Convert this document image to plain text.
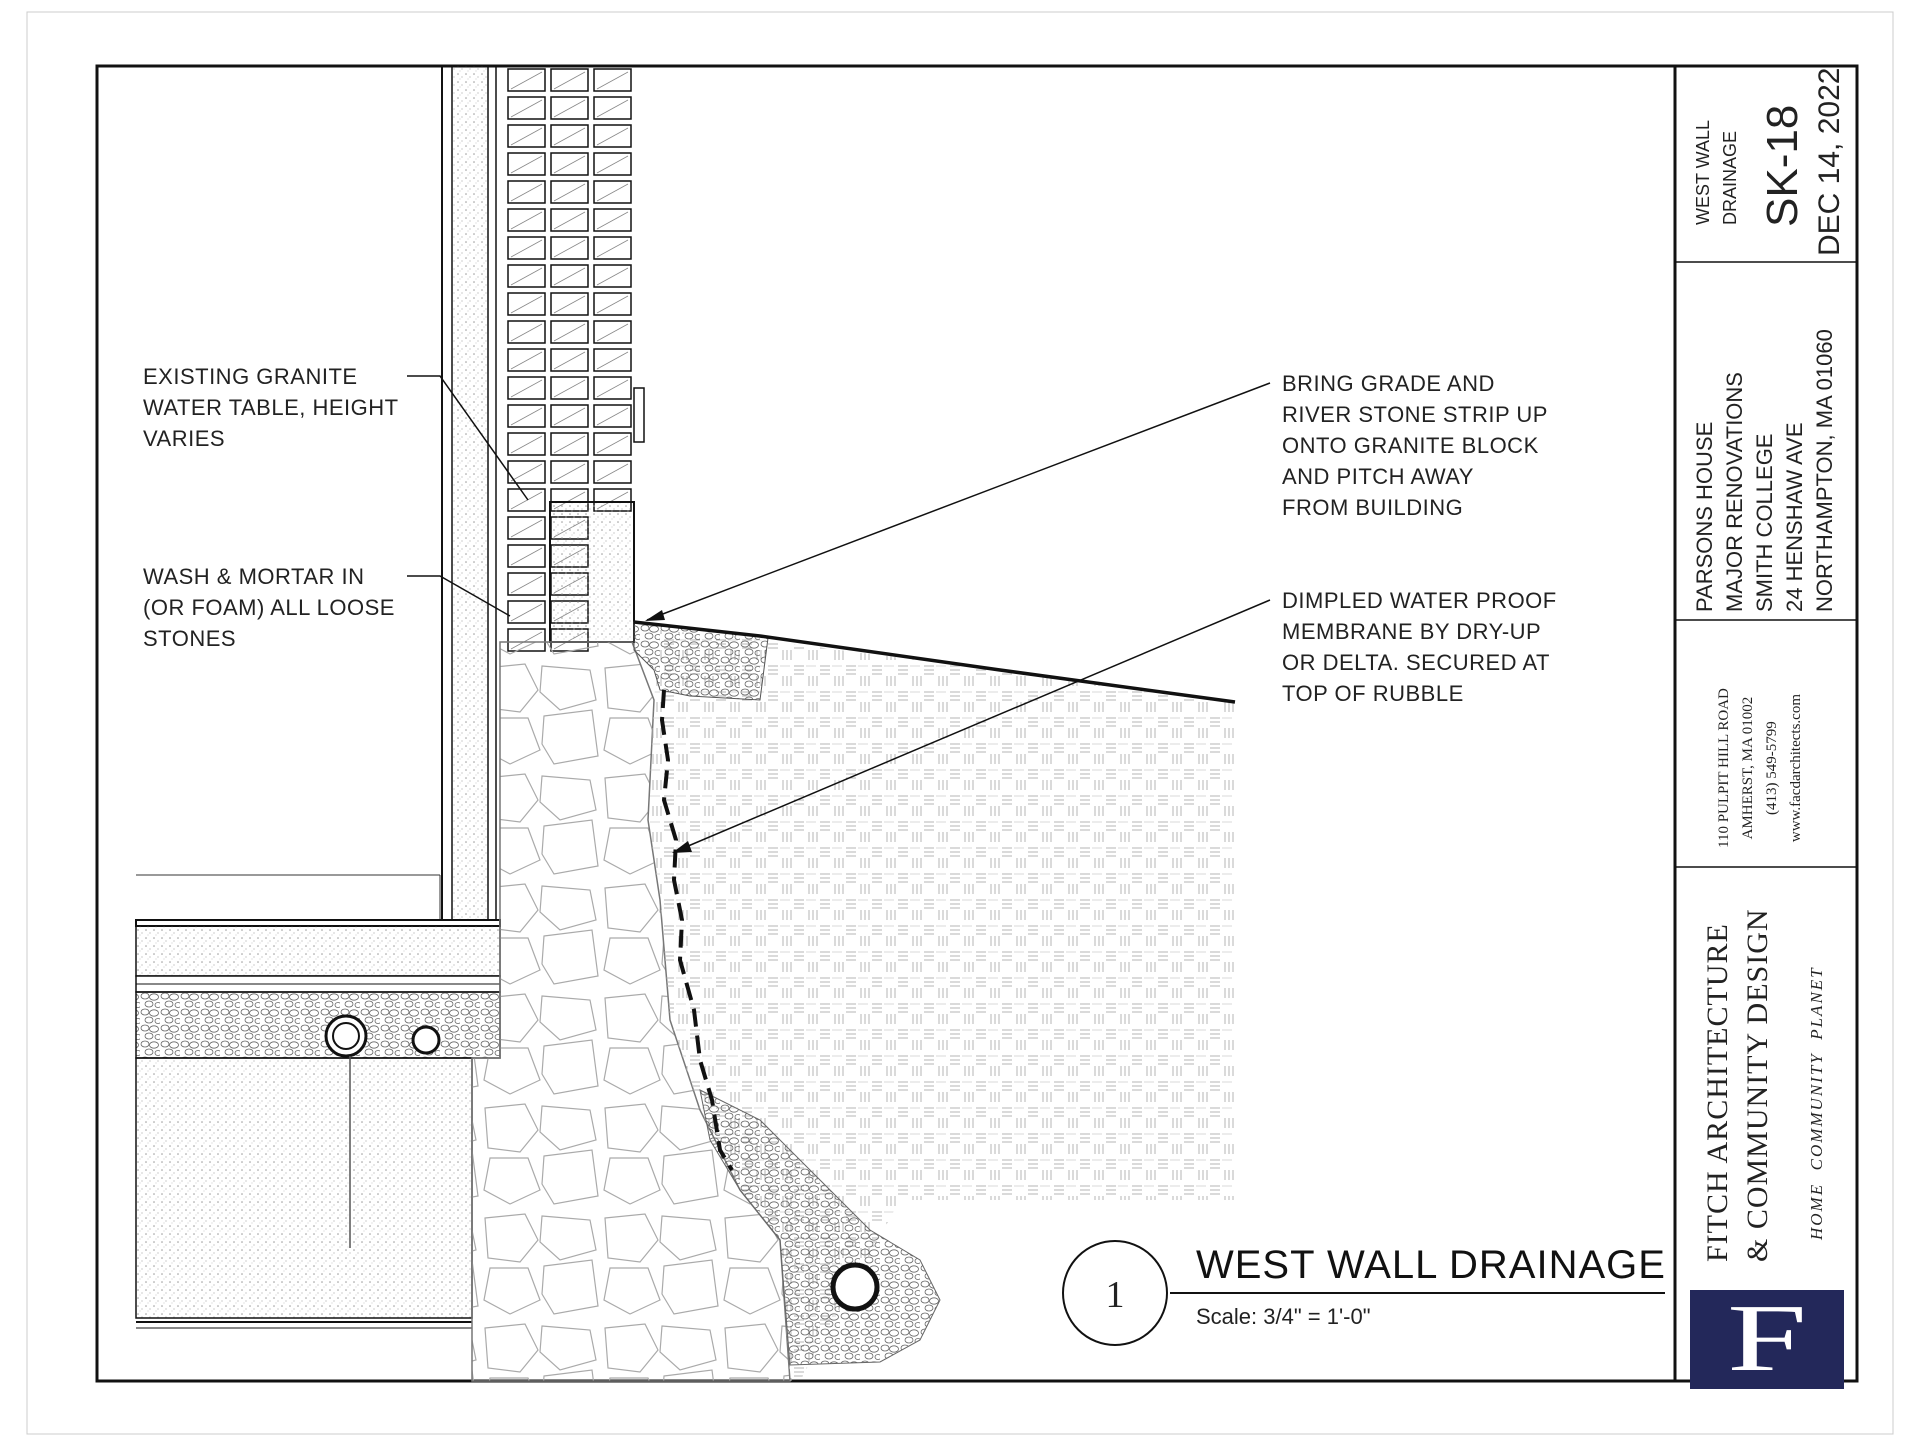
1
WEST WALL DRAINAGE
Scale: 3/4" = 1'-0"
EXISTING GRANITE
WATER TABLE, HEIGHT
VARIES
WASH & MORTAR IN
(OR FOAM) ALL LOOSE
STONES
BRING GRADE AND
RIVER STONE STRIP UP
ONTO GRANITE BLOCK
AND PITCH AWAY
FROM BUILDING
DIMPLED WATER PROOF
MEMBRANE BY DRY-UP
OR DELTA. SECURED AT
TOP OF RUBBLE
WEST WALL DRAINAGE SK-18 DEC 14, 2022
PARSONS HOUSE MAJOR RENOVATIONS SMITH COLLEGE 24 HENSHAW AVE NORTHAMPTON, MA 01060
110 PULPIT HILL ROAD AMHERST, MA 01002 (413) 549-5799 www.facdarchitects.com
FITCH ARCHITECTURE & COMMUNITY DESIGN HOME  COMMUNITY  PLANET
F
